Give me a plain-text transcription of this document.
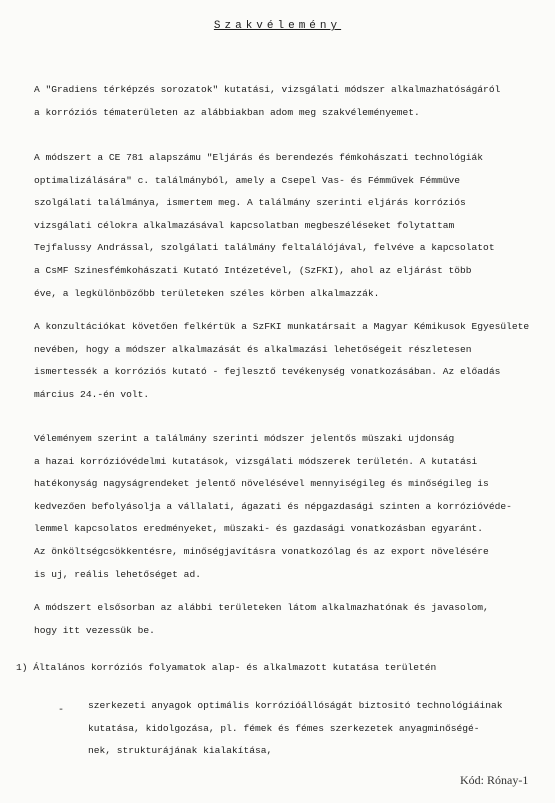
Szakvélemény
A "Gradiens térképzés sorozatok" kutatási, vizsgálati módszer alkalmazhatóságáról
a korróziós tématerületen az alábbiakban adom meg szakvéleményemet.
A módszert a CE 781 alapszámu "Eljárás és berendezés fémkohászati technológiák
optimalizálására" c. találmányból, amely a Csepel Vas- és Fémművek Fémmüve
szolgálati találmánya, ismertem meg. A találmány szerinti eljárás korróziós
vizsgálati célokra alkalmazásával kapcsolatban megbeszéléseket folytattam
Tejfalussy Andrással, szolgálati találmány feltalálójával, felvéve a kapcsolatot
a CsMF Szinesfémkohászati Kutató Intézetével, (SzFKI), ahol az eljárást több
éve, a legkülönbözőbb területeken széles körben alkalmazzák.
A konzultációkat követően felkértük a SzFKI munkatársait a Magyar Kémikusok Egyesülete
nevében, hogy a módszer alkalmazását és alkalmazási lehetőségeit részletesen
ismertessék a korróziós kutató - fejlesztő tevékenység vonatkozásában. Az előadás
március 24.-én volt.
Véleményem szerint a találmány szerinti módszer jelentős müszaki ujdonság
a hazai korrózióvédelmi kutatások, vizsgálati módszerek területén. A kutatási
hatékonyság nagyságrendeket jelentő növelésével mennyiségileg és minőségileg is
kedvezően befolyásolja a vállalati, ágazati és népgazdasági szinten a korrózióvéde-
lemmel kapcsolatos eredményeket, müszaki- és gazdasági vonatkozásban egyaránt.
Az önköltségcsökkentésre, minőségjavításra vonatkozólag és az export növelésére
is uj, reális lehetőséget ad.
A módszert elsősorban az alábbi területeken látom alkalmazhatónak és javasolom,
hogy itt vezessük be.
1) Általános korróziós folyamatok alap- és alkalmazott kutatása területén
- szerkezeti anyagok optimális korrózióállóságát biztositó technológiáinak
kutatása, kidolgozása, pl. fémek és fémes szerkezetek anyagminőségé-
nek, strukturájának kialakítása,
Kód: Rónay-1
